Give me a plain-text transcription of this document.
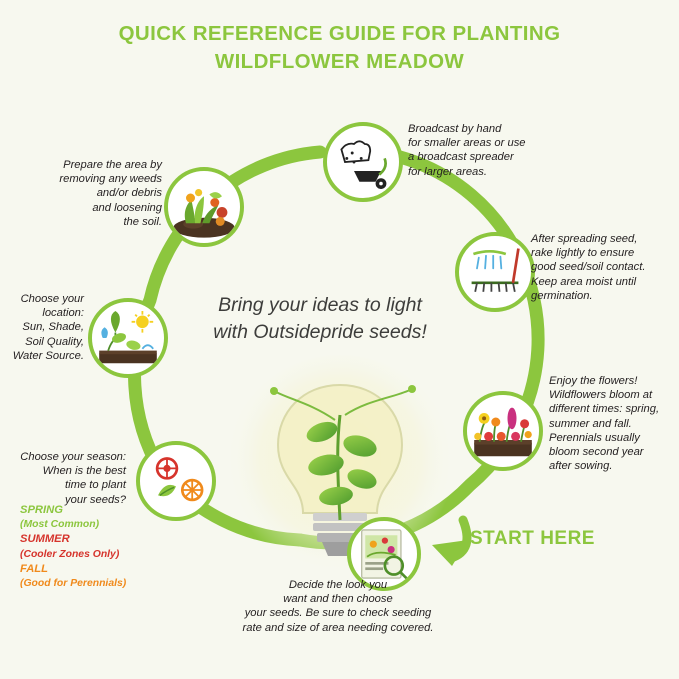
QUICK REFERENCE GUIDE FOR PLANTING
WILDFLOWER MEADOW
Prepare the area by
removing any weeds
and/or debris
and loosening
the soil.
Broadcast by hand
for smaller areas or use
a broadcast spreader
for larger areas.
After spreading seed,
rake lightly to ensure
good seed/soil contact.
Keep area moist until
germination.
Enjoy the flowers!
Wildflowers bloom at
different times: spring,
summer and fall.
Perennials usually
bloom second year
after sowing.
Decide the look you
want and then choose
your seeds. Be sure to check seeding
rate and size of area needing covered.
Choose your season:
When is the best
time to plant
your seeds?
SPRING
(Most Common)
SUMMER
(Cooler Zones Only)
FALL
(Good for Perennials)
Choose your location:
Sun, Shade,
Soil Quality,
Water Source.
Bring your ideas to light
with Outsidepride seeds!
START HERE
